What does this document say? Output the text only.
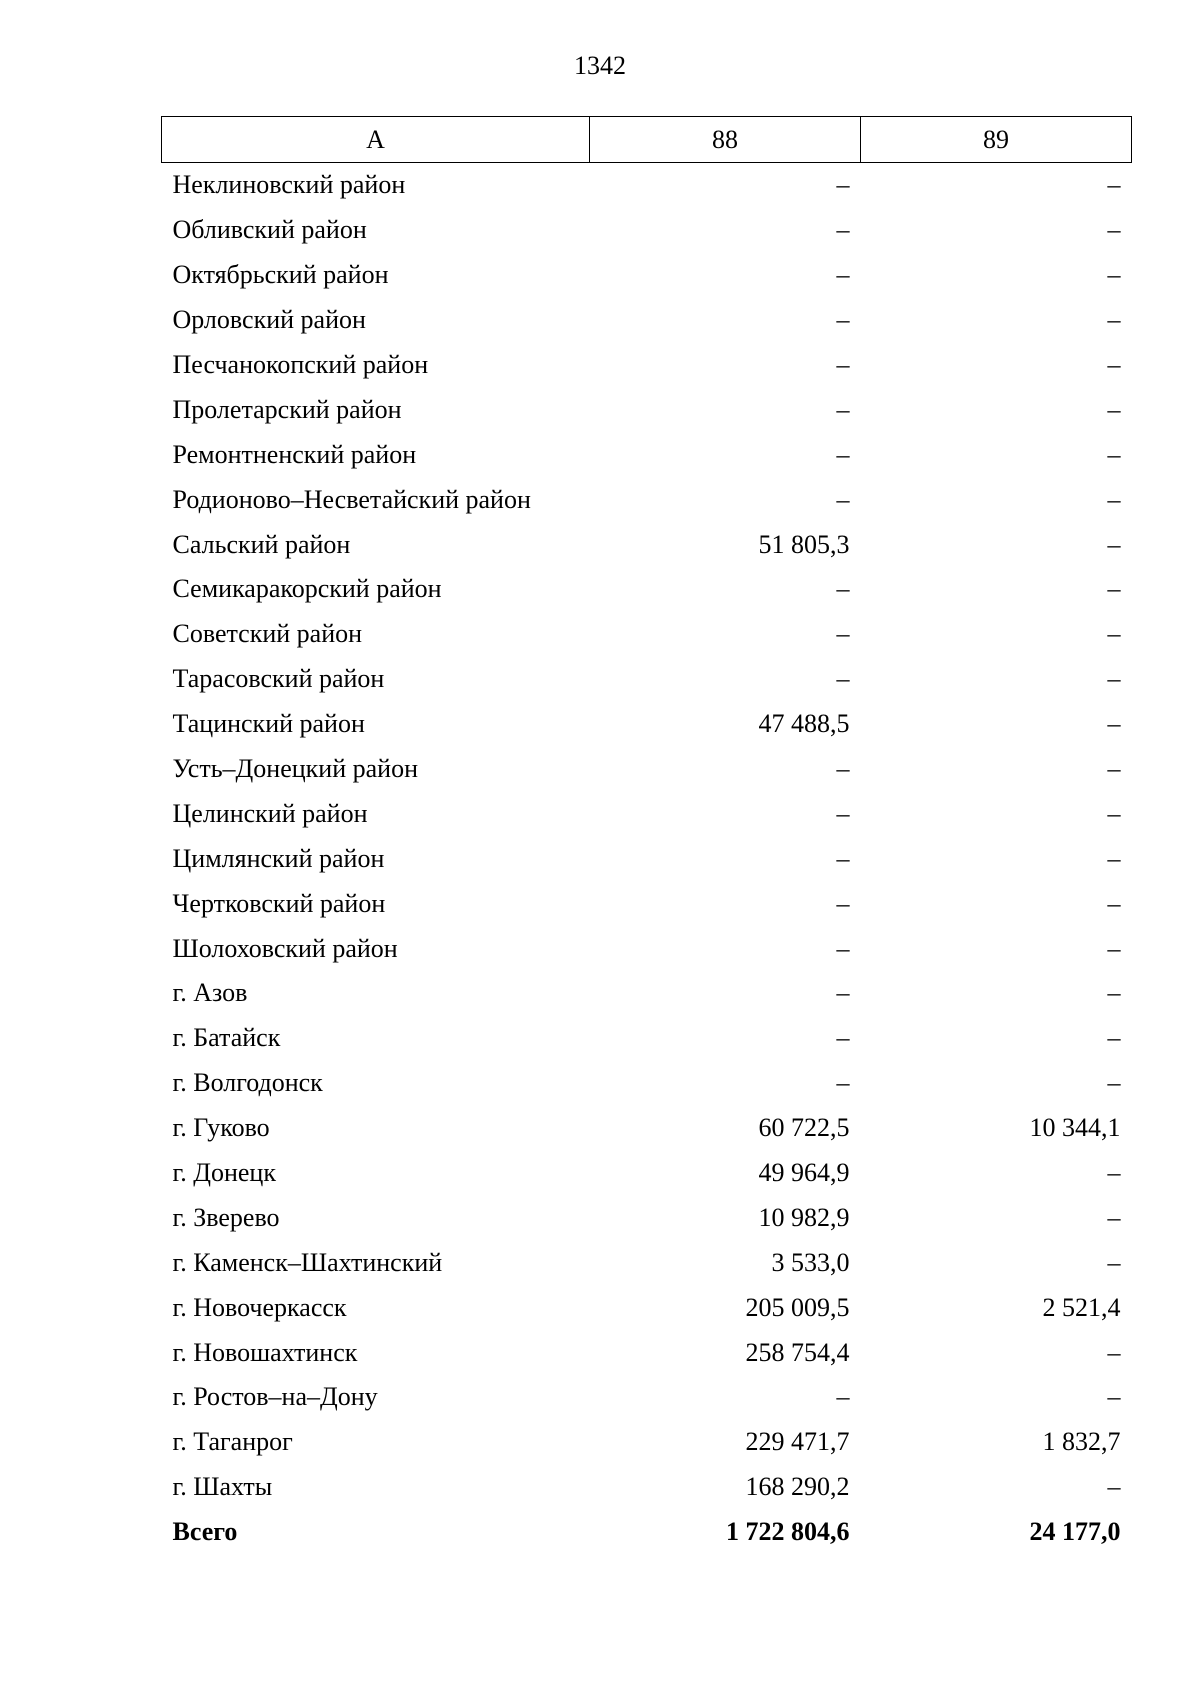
1342
А	88	89
Неклиновский район	–	–
Обливский район	–	–
Октябрьский район	–	–
Орловский район	–	–
Песчанокопский район	–	–
Пролетарский район	–	–
Ремонтненский район	–	–
Родионово–Несветайский район	–	–
Сальский район	51 805,3	–
Семикаракорский район	–	–
Советский район	–	–
Тарасовский район	–	–
Тацинский район	47 488,5	–
Усть–Донецкий район	–	–
Целинский район	–	–
Цимлянский район	–	–
Чертковский район	–	–
Шолоховский район	–	–
г. Азов	–	–
г. Батайск	–	–
г. Волгодонск	–	–
г. Гуково	60 722,5	10 344,1
г. Донецк	49 964,9	–
г. Зверево	10 982,9	–
г. Каменск–Шахтинский	3 533,0	–
г. Новочеркасск	205 009,5	2 521,4
г. Новошахтинск	258 754,4	–
г. Ростов–на–Дону	–	–
г. Таганрог	229 471,7	1 832,7
г. Шахты	168 290,2	–
Всего	1 722 804,6	24 177,0
